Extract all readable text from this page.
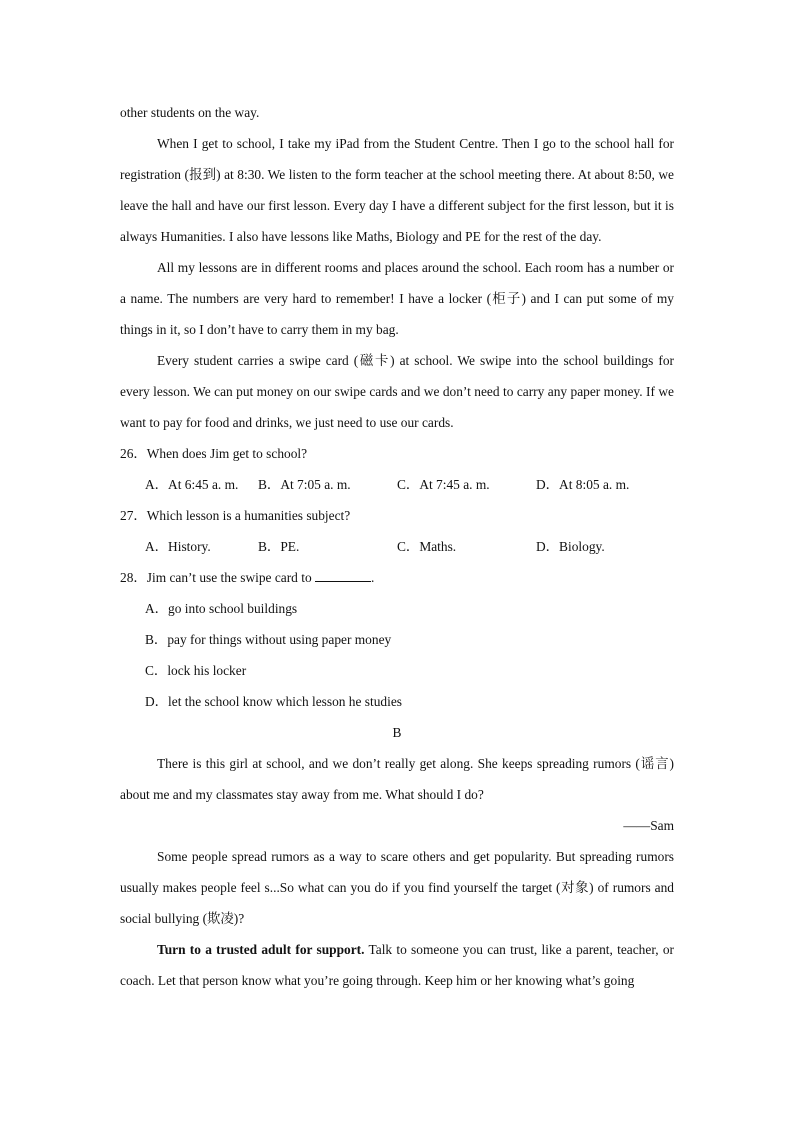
other students on the way.

When I get to school, I take my iPad from the Student Centre. Then I go to the school hall for registration (报到) at 8:30. We listen to the form teacher at the school meeting there. At about 8:50, we leave the hall and have our first lesson. Every day I have a different subject for the first lesson, but it is always Humanities. I also have lessons like Maths, Biology and PE for the rest of the day.

All my lessons are in different rooms and places around the school. Each room has a number or a name. The numbers are very hard to remember! I have a locker (柜子) and I can put some of my things in it, so I don’t have to carry them in my bag.

Every student carries a swipe card (磁卡) at school. We swipe into the school buildings for every lesson. We can put money on our swipe cards and we don’t need to carry any paper money. If we want to pay for food and drinks, we just need to use our cards.

26．When does Jim get to school?

A．At 6:45 a. m.	B．At 7:05 a. m.	C．At 7:45 a. m.	D．At 8:05 a. m.

27．Which lesson is a humanities subject?

A．History.	B．PE.	C．Maths.	D．Biology.

28．Jim can’t use the swipe card to	.

A．go into school buildings

B．pay for things without using paper money

C．lock his locker

D．let the school know which lesson he studies

B

There is this girl at school, and we don’t really get along. She keeps spreading rumors (谣言) about me and my classmates stay away from me. What should I do?

——Sam

Some people spread rumors as a way to scare others and get popularity. But spreading rumors usually makes people feel s...So what can you do if you find yourself the target (对象) of rumors and social bullying (欺凌)?

Turn to a trusted adult for support. Talk to someone you can trust, like a parent, teacher, or coach. Let that person know what you’re going through. Keep him or her knowing what’s going
